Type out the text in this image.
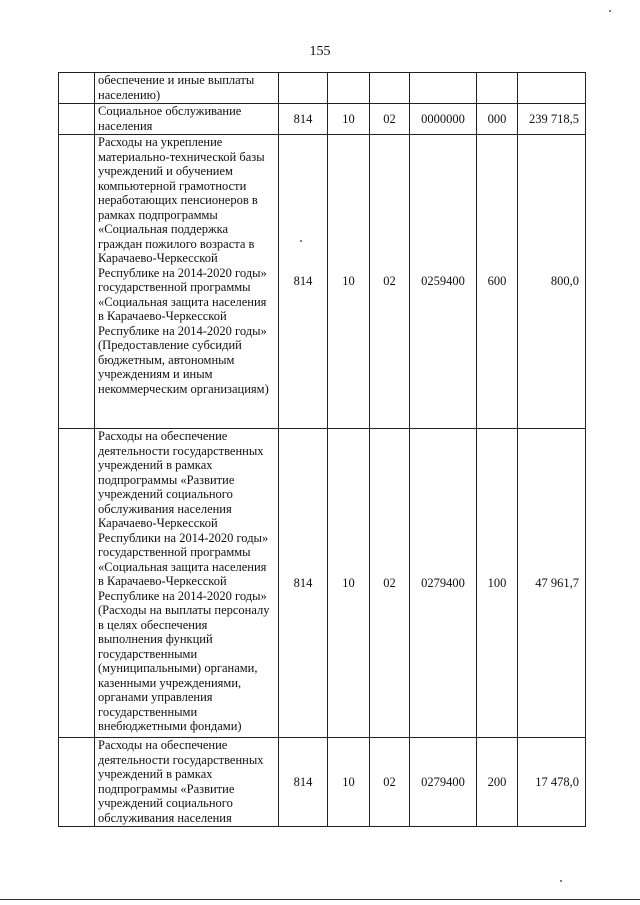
155
	обеспечение и иные выплаты населению)						
	Социальное обслуживание населения	814	10	02	0000000	000	239 718,5
	Расходы на укрепление материально-технической базы учреждений и обучением компьютерной грамотности неработающих пенсионеров в рамках подпрограммы «Социальная поддержка граждан пожилого возраста в Карачаево-Черкесской Республике на 2014-2020 годы» государственной программы «Социальная защита населения в Карачаево-Черкесской Республике на 2014-2020 годы» (Предоставление субсидий бюджетным, автономным учреждениям и иным некоммерческим организациям)	814	10	02	0259400	600	800,0
	Расходы на обеспечение деятельности государственных учреждений в рамках подпрограммы «Развитие учреждений социального обслуживания населения Карачаево-Черкесской Республики на 2014-2020 годы» государственной программы «Социальная защита населения в Карачаево-Черкесской Республике на 2014-2020 годы» (Расходы на выплаты персоналу в целях обеспечения выполнения функций государственными (муниципальными) органами, казенными учреждениями, органами управления государственными внебюджетными фондами)	814	10	02	0279400	100	47 961,7
	Расходы на обеспечение деятельности государственных учреждений в рамках подпрограммы «Развитие учреждений социального обслуживания населения	814	10	02	0279400	200	17 478,0
